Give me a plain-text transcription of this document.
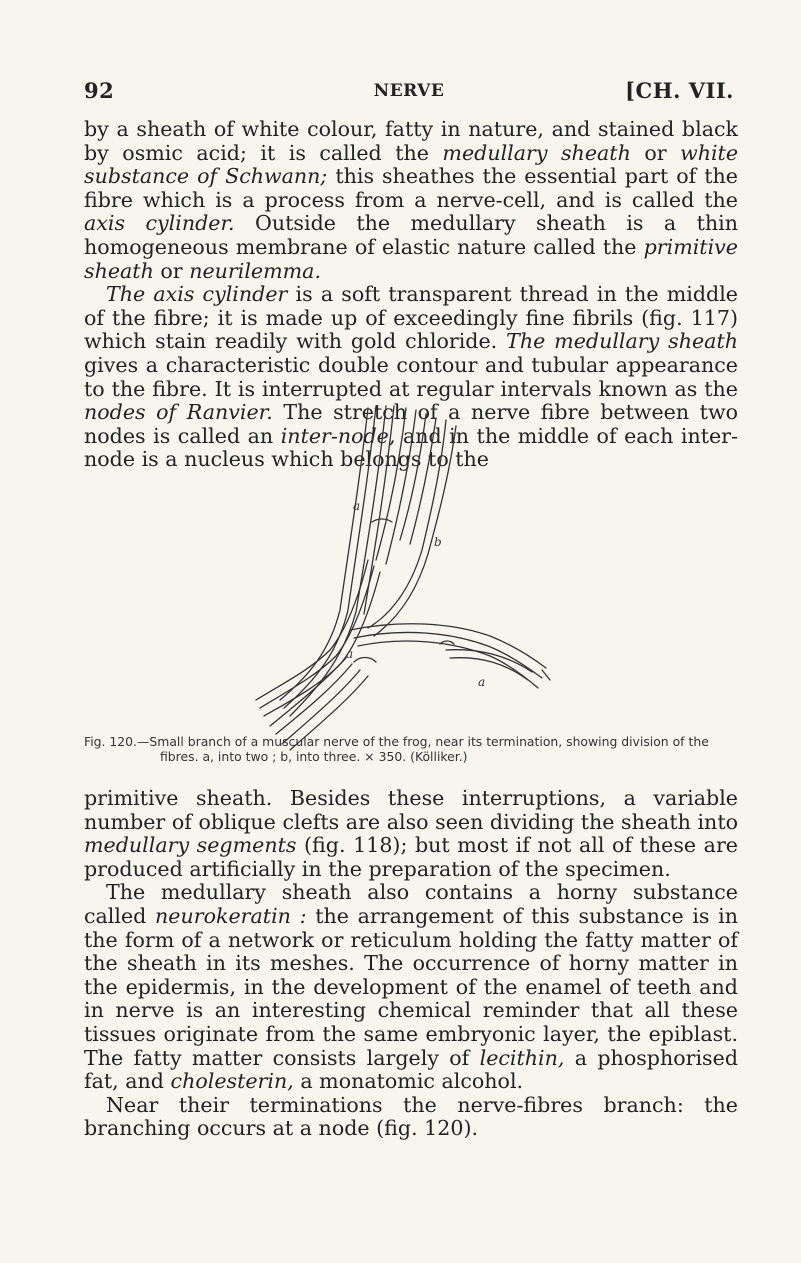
92	NERVE	[CH. VII.

by a sheath of white colour, fatty in nature, and stained black by osmic acid; it is called the medullary sheath or white substance of Schwann; this sheathes the essential part of the fibre which is a process from a nerve-cell, and is called the axis cylinder. Outside the medullary sheath is a thin homogeneous membrane of elastic nature called the primitive sheath or neurilemma.

The axis cylinder is a soft transparent thread in the middle of the fibre; it is made up of exceedingly fine fibrils (fig. 117) which stain readily with gold chloride. The medullary sheath gives a characteristic double contour and tubular appearance to the fibre. It is interrupted at regular intervals known as the nodes of Ranvier. The stretch of a nerve fibre between two nodes is called an inter-node, and in the middle of each inter-node is a nucleus which belongs to the

a
b
a
a
Fig. 120.—Small branch of a muscular nerve of the frog, near its termination, showing division of the
fibres. a, into two ; b, into three. × 350. (Kölliker.)

primitive sheath. Besides these interruptions, a variable number of oblique clefts are also seen dividing the sheath into medullary segments (fig. 118); but most if not all of these are produced artificially in the preparation of the specimen.

The medullary sheath also contains a horny substance called neurokeratin : the arrangement of this substance is in the form of a network or reticulum holding the fatty matter of the sheath in its meshes. The occurrence of horny matter in the epidermis, in the development of the enamel of teeth and in nerve is an interesting chemical reminder that all these tissues originate from the same embryonic layer, the epiblast. The fatty matter consists largely of lecithin, a phosphorised fat, and cholesterin, a monatomic alcohol.

Near their terminations the nerve-fibres branch: the branching occurs at a node (fig. 120).
